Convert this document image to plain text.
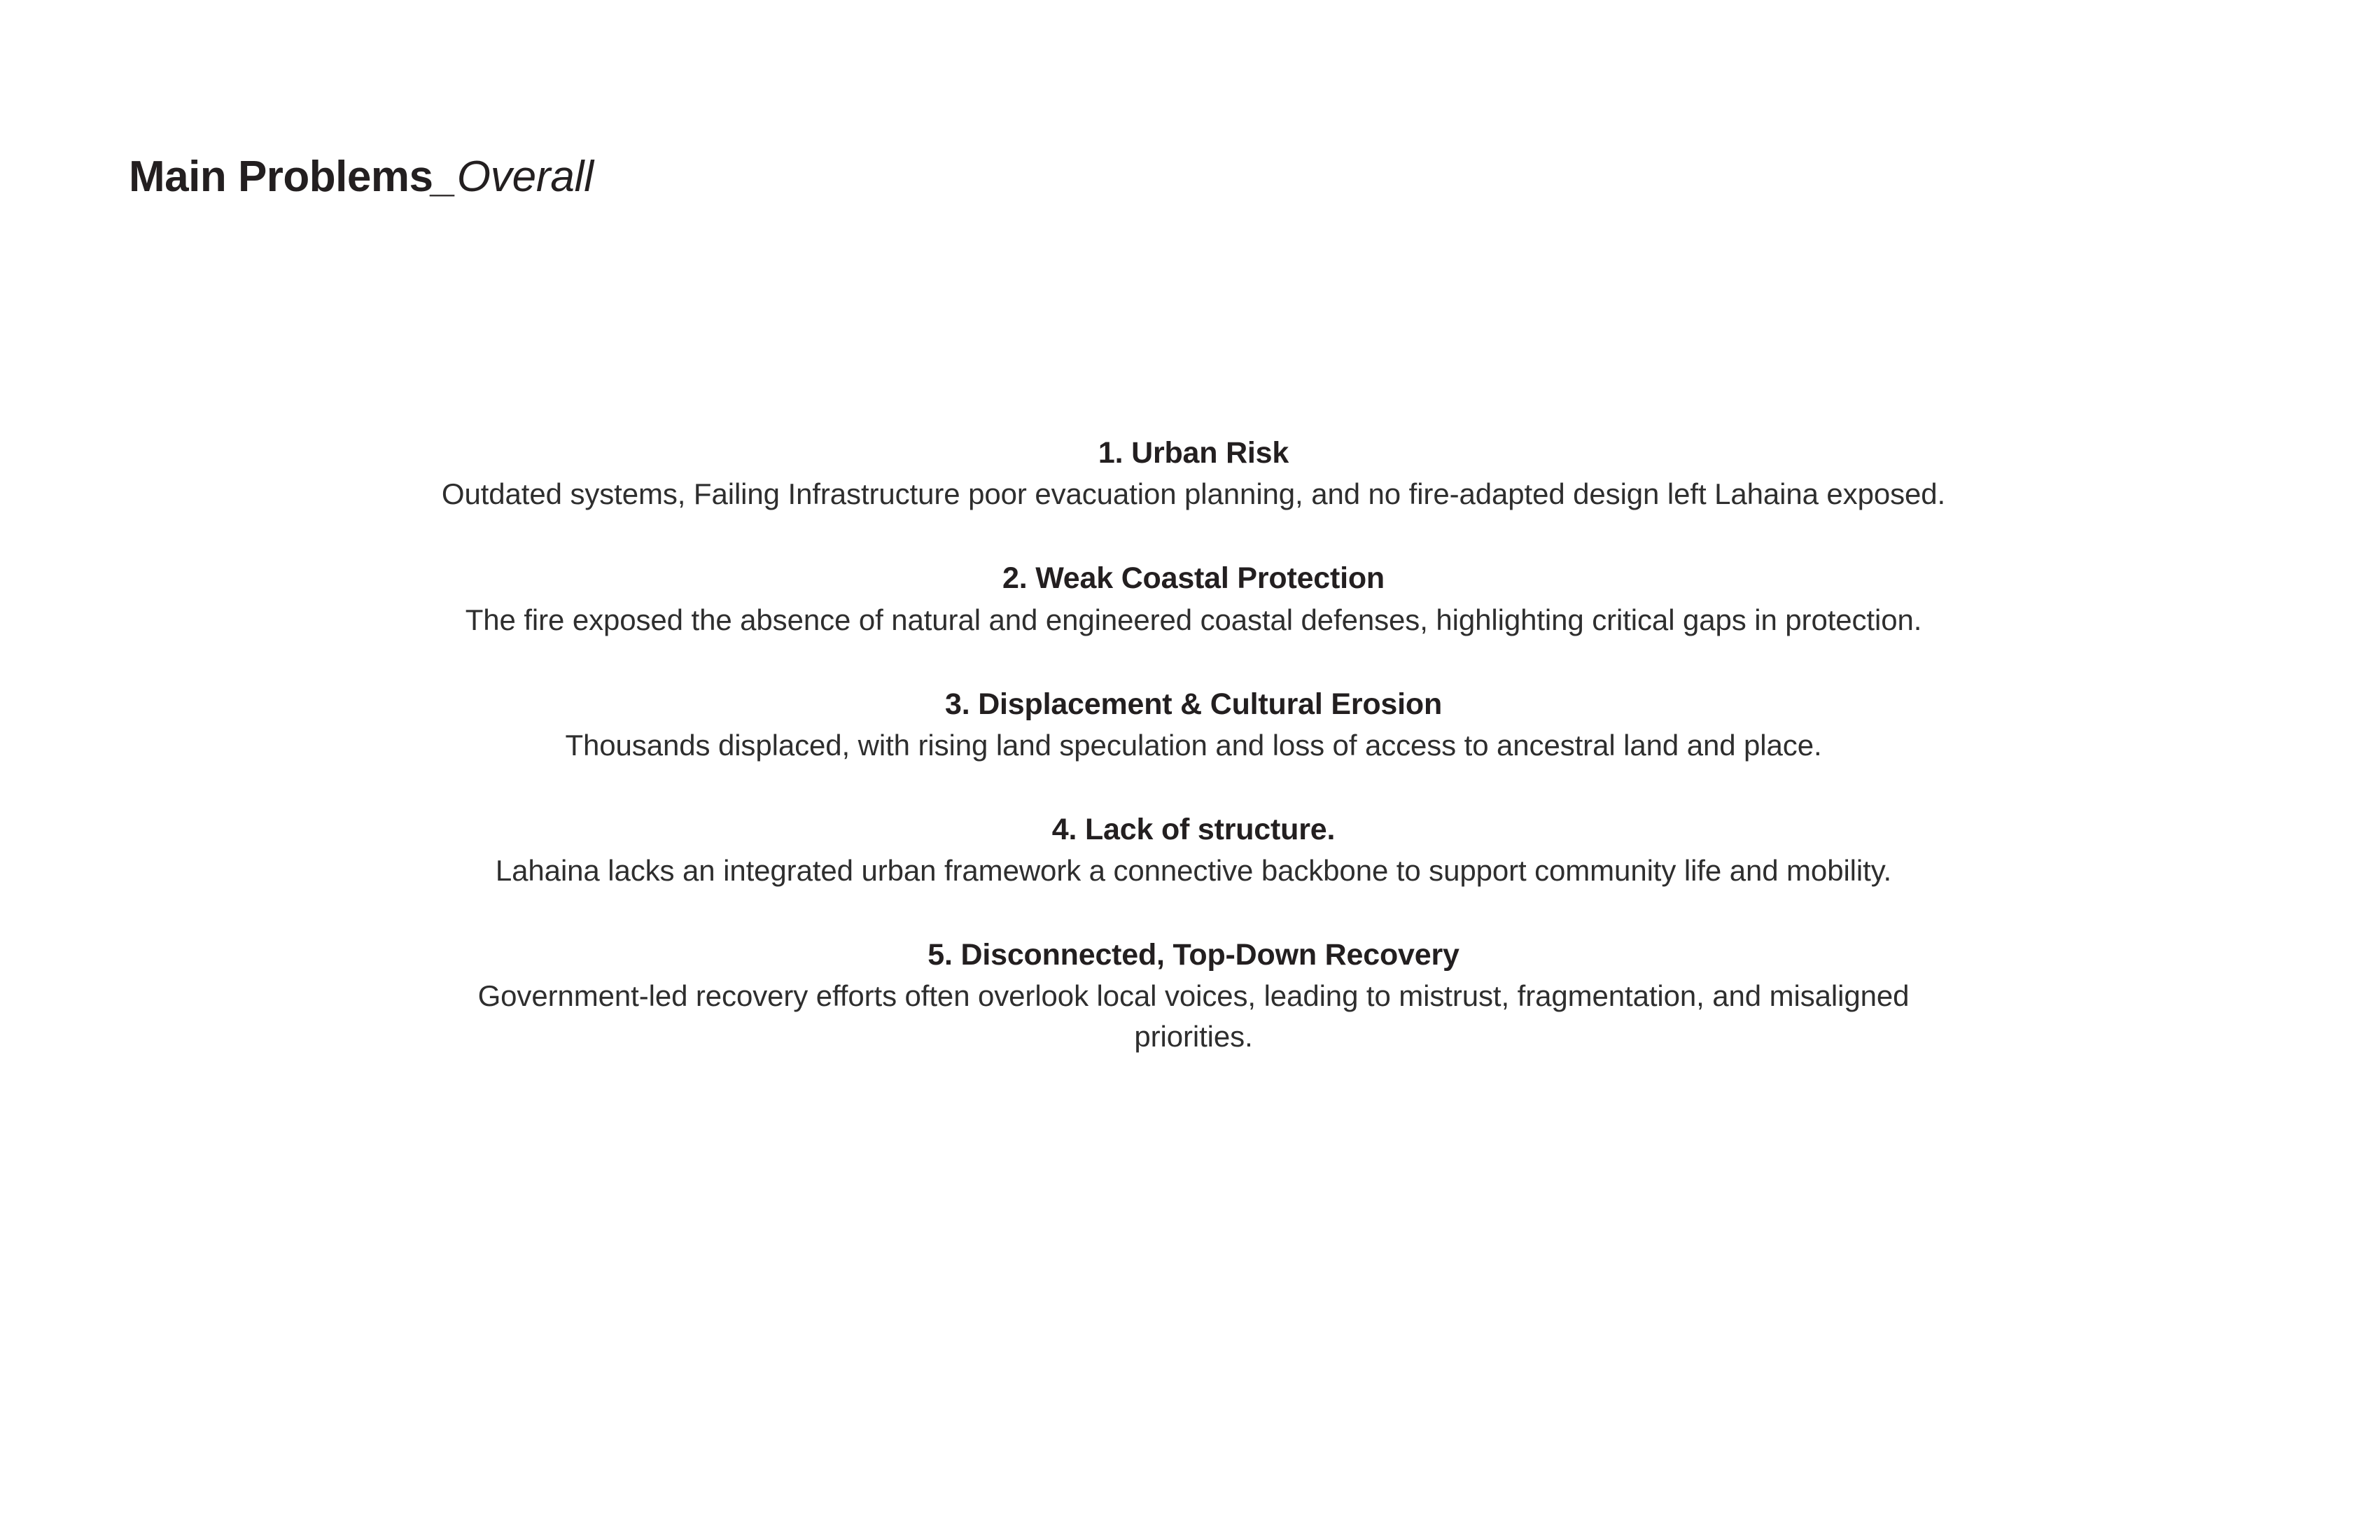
Main Problems_Overall

1. Urban Risk

Outdated systems, Failing Infrastructure poor evacuation planning, and no fire-adapted design left Lahaina exposed.

2. Weak Coastal Protection

The fire exposed the absence of natural and engineered coastal defenses, highlighting critical gaps in protection.

3. Displacement & Cultural Erosion

Thousands displaced, with rising land speculation and loss of access to ancestral land and place.

4. Lack of structure.

Lahaina lacks an integrated urban framework a connective backbone to support community life and mobility.

5. Disconnected, Top-Down Recovery

Government-led recovery efforts often overlook local voices, leading to mistrust, fragmentation, and misaligned priorities.
